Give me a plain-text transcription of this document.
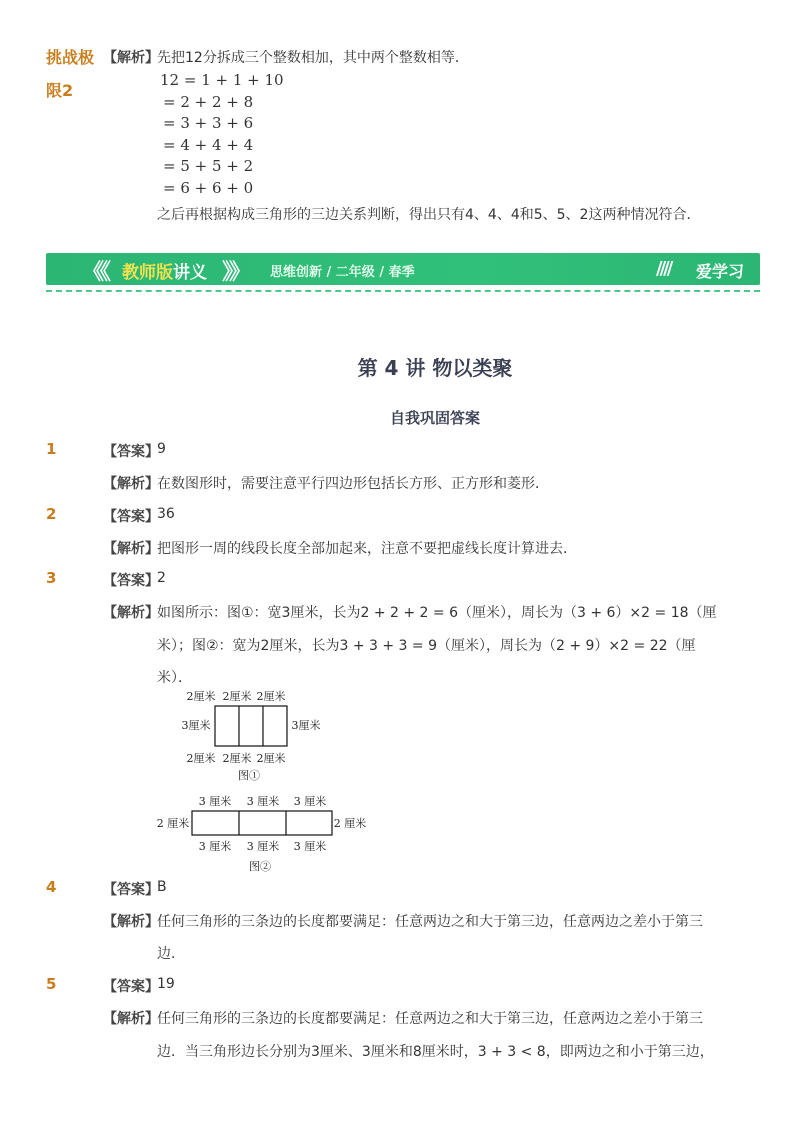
挑战极
限2
【解析】
先把12分拆成三个整数相加，其中两个整数相等．
12 = 1 + 1 + 10
= 2 + 2 + 8
= 3 + 3 + 6
= 4 + 4 + 4
= 5 + 5 + 2
= 6 + 6 + 0
之后再根据构成三角形的三边关系判断，得出只有4、4、4和5、5、2这两种情况符合．
《《 教师版讲义 》》 思维创新 / 二年级 / 春季	//// 爱学习
第 4 讲 物以类聚
自我巩固答案
1	【答案】
9
【解析】
在数图形时，需要注意平行四边形包括长方形、正方形和菱形．
2	【答案】
36
【解析】
把图形一周的线段长度全部加起来，注意不要把虚线长度计算进去．
3	【答案】
2
【解析】
如图所示：图①：宽3厘米，长为2 + 2 + 2 = 6（厘米），周长为（3 + 6）×2 = 18（厘
米）；图②：宽为2厘米，长为3 + 3 + 3 = 9（厘米），周长为（2 + 9）×2 = 22（厘
米）．
2厘米 2厘米 2厘米
3厘米	3厘米
2厘米 2厘米 2厘米
图①
3 厘米 3 厘米 3 厘米
2 厘米	2 厘米
3 厘米 3 厘米 3 厘米
图②
4	【答案】
B
【解析】
任何三角形的三条边的长度都要满足：任意两边之和大于第三边，任意两边之差小于第三
边．
5	【答案】
19
【解析】
任何三角形的三条边的长度都要满足：任意两边之和大于第三边，任意两边之差小于第三
边．当三角形边长分别为3厘米、3厘米和8厘米时，3 + 3 < 8，即两边之和小于第三边，
